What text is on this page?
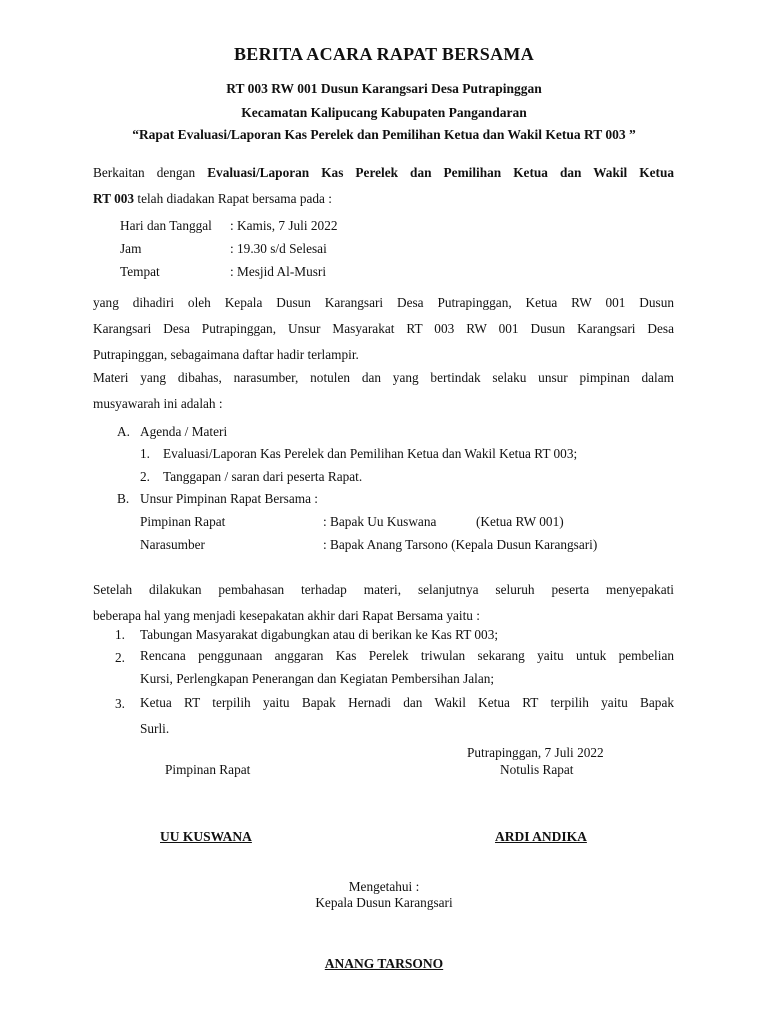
BERITA ACARA RAPAT BERSAMA
RT 003 RW 001 Dusun Karangsari Desa Putrapinggan
Kecamatan Kalipucang Kabupaten Pangandaran
“Rapat Evaluasi/Laporan Kas Perelek dan Pemilihan Ketua dan Wakil Ketua RT 003 ”
Berkaitan dengan Evaluasi/Laporan Kas Perelek dan Pemilihan Ketua dan Wakil Ketua
RT 003 telah diadakan Rapat bersama pada :
Hari dan Tanggal : Kamis, 7 Juli 2022
Jam	: 19.30 s/d Selesai
Tempat	: Mesjid Al-Musri
yang dihadiri oleh Kepala Dusun Karangsari Desa Putrapinggan, Ketua RW 001 Dusun
Karangsari Desa Putrapinggan, Unsur Masyarakat RT 003 RW 001 Dusun Karangsari Desa
Putrapinggan, sebagaimana daftar hadir terlampir.
Materi yang dibahas, narasumber, notulen dan yang bertindak selaku unsur pimpinan dalam
musyawarah ini adalah :
A. Agenda / Materi
1. Evaluasi/Laporan Kas Perelek dan Pemilihan Ketua dan Wakil Ketua RT 003;
2. Tanggapan / saran dari peserta Rapat.
B. Unsur Pimpinan Rapat Bersama :
Pimpinan Rapat	: Bapak Uu Kuswana	(Ketua RW 001)
Narasumber	: Bapak Anang Tarsono (Kepala Dusun Karangsari)
Setelah dilakukan pembahasan terhadap materi, selanjutnya seluruh peserta menyepakati
beberapa hal yang menjadi kesepakatan akhir dari Rapat Bersama yaitu :
1. Tabungan Masyarakat digabungkan atau di berikan ke Kas RT 003;
2. Rencana penggunaan anggaran Kas Perelek triwulan sekarang yaitu untuk pembelian
Kursi, Perlengkapan Penerangan dan Kegiatan Pembersihan Jalan;
3. Ketua RT terpilih yaitu Bapak Hernadi dan Wakil Ketua RT terpilih yaitu Bapak
Surli.
Putrapinggan, 7 Juli 2022
Pimpinan Rapat	Notulis Rapat
UU KUSWANA	ARDI ANDIKA
Mengetahui :
Kepala Dusun Karangsari
ANANG TARSONO
